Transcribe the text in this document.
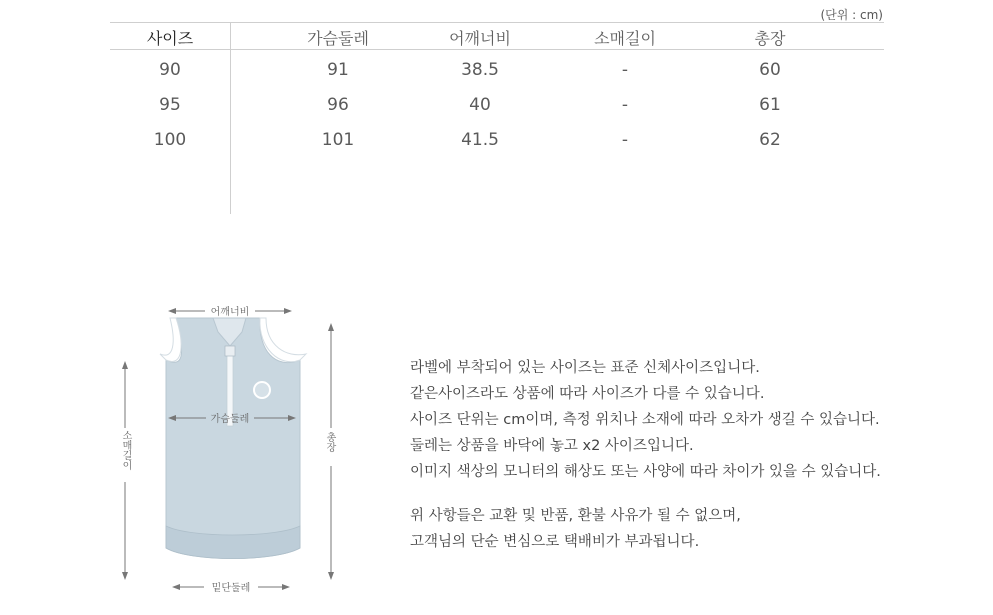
(단위 : cm)
사이즈	가슴둘레	어깨너비	소매길이	총장
90	91	38.5	-	60
95	96	40	-	61
100	101	41.5	-	62
어깨너비
가슴둘레
밑단둘레
소매길이	총장
라벨에 부착되어 있는 사이즈는 표준 신체사이즈입니다.
같은사이즈라도 상품에 따라 사이즈가 다를 수 있습니다.
사이즈 단위는 cm이며, 측정 위치나 소재에 따라 오차가 생길 수 있습니다.
둘레는 상품을 바닥에 놓고 x2 사이즈입니다.
이미지 색상의 모니터의 해상도 또는 사양에 따라 차이가 있을 수 있습니다.
위 사항들은 교환 및 반품, 환불 사유가 될 수 없으며,
고객님의 단순 변심으로 택배비가 부과됩니다.
